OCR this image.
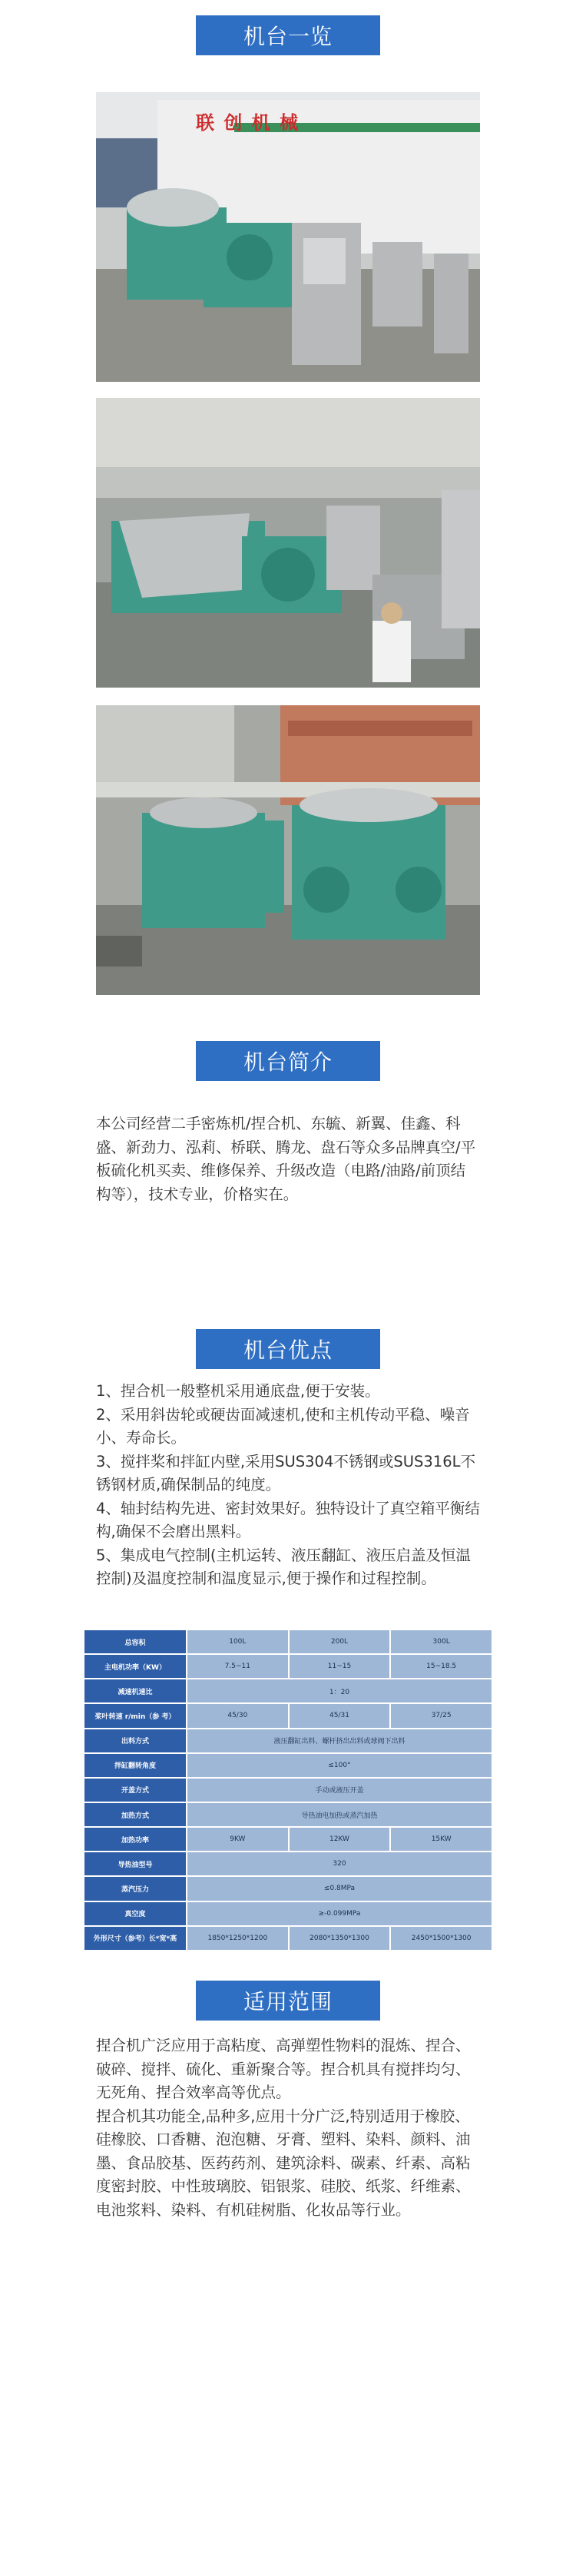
机台一览
联 创 机 械
机台简介

本公司经营二手密炼机/捏合机、东毓、新翼、佳鑫、科盛、新劲力、泓莉、桥联、腾龙、盘石等众多品牌真空/平板硫化机买卖、维修保养、升级改造（电路/油路/前顶结构等），技术专业，价格实在。

机台优点

1、捏合机一般整机采用通底盘,便于安装。

2、采用斜齿轮或硬齿面减速机,使和主机传动平稳、噪音小、寿命长。

3、搅拌桨和拌缸内壁,采用SUS304不锈钢或SUS316L不锈钢材质,确保制品的纯度。

4、轴封结构先进、密封效果好。独特设计了真空箱平衡结构,确保不会磨出黑料。

5、集成电气控制(主机运转、液压翻缸、液压启盖及恒温控制)及温度控制和温度显示,便于操作和过程控制。

总容积	100L	200L	300L
主电机功率（KW）	7.5~11	11~15	15~18.5
减速机速比	1：20		
桨叶转速 r/min（参 考）	45/30	45/31	37/25
出料方式	液压翻缸出料、螺杆挤出出料或球阀下出料		
拌缸翻转角度	≤100°		
开盖方式	手动或液压开盖		
加热方式	导热油电加热或蒸汽加热		
加热功率	9KW	12KW	15KW
导热油型号	320		
蒸汽压力	≤0.8MPa		
真空度	≥-0.099MPa		
外形尺寸（参考）长*宽*高	1850*1250*1200	2080*1350*1300	2450*1500*1300
适用范围

捏合机广泛应用于高粘度、高弹塑性物料的混炼、捏合、破碎、搅拌、硫化、重新聚合等。捏合机具有搅拌均匀、无死角、捏合效率高等优点。

捏合机其功能全,品种多,应用十分广泛,特别适用于橡胶、硅橡胶、口香糖、泡泡糖、牙膏、塑料、染料、颜料、油墨、食品胶基、医药药剂、建筑涂料、碳素、纤素、高粘度密封胶、中性玻璃胶、铝银浆、硅胶、纸浆、纤维素、电池浆料、染料、有机硅树脂、化妆品等行业。
